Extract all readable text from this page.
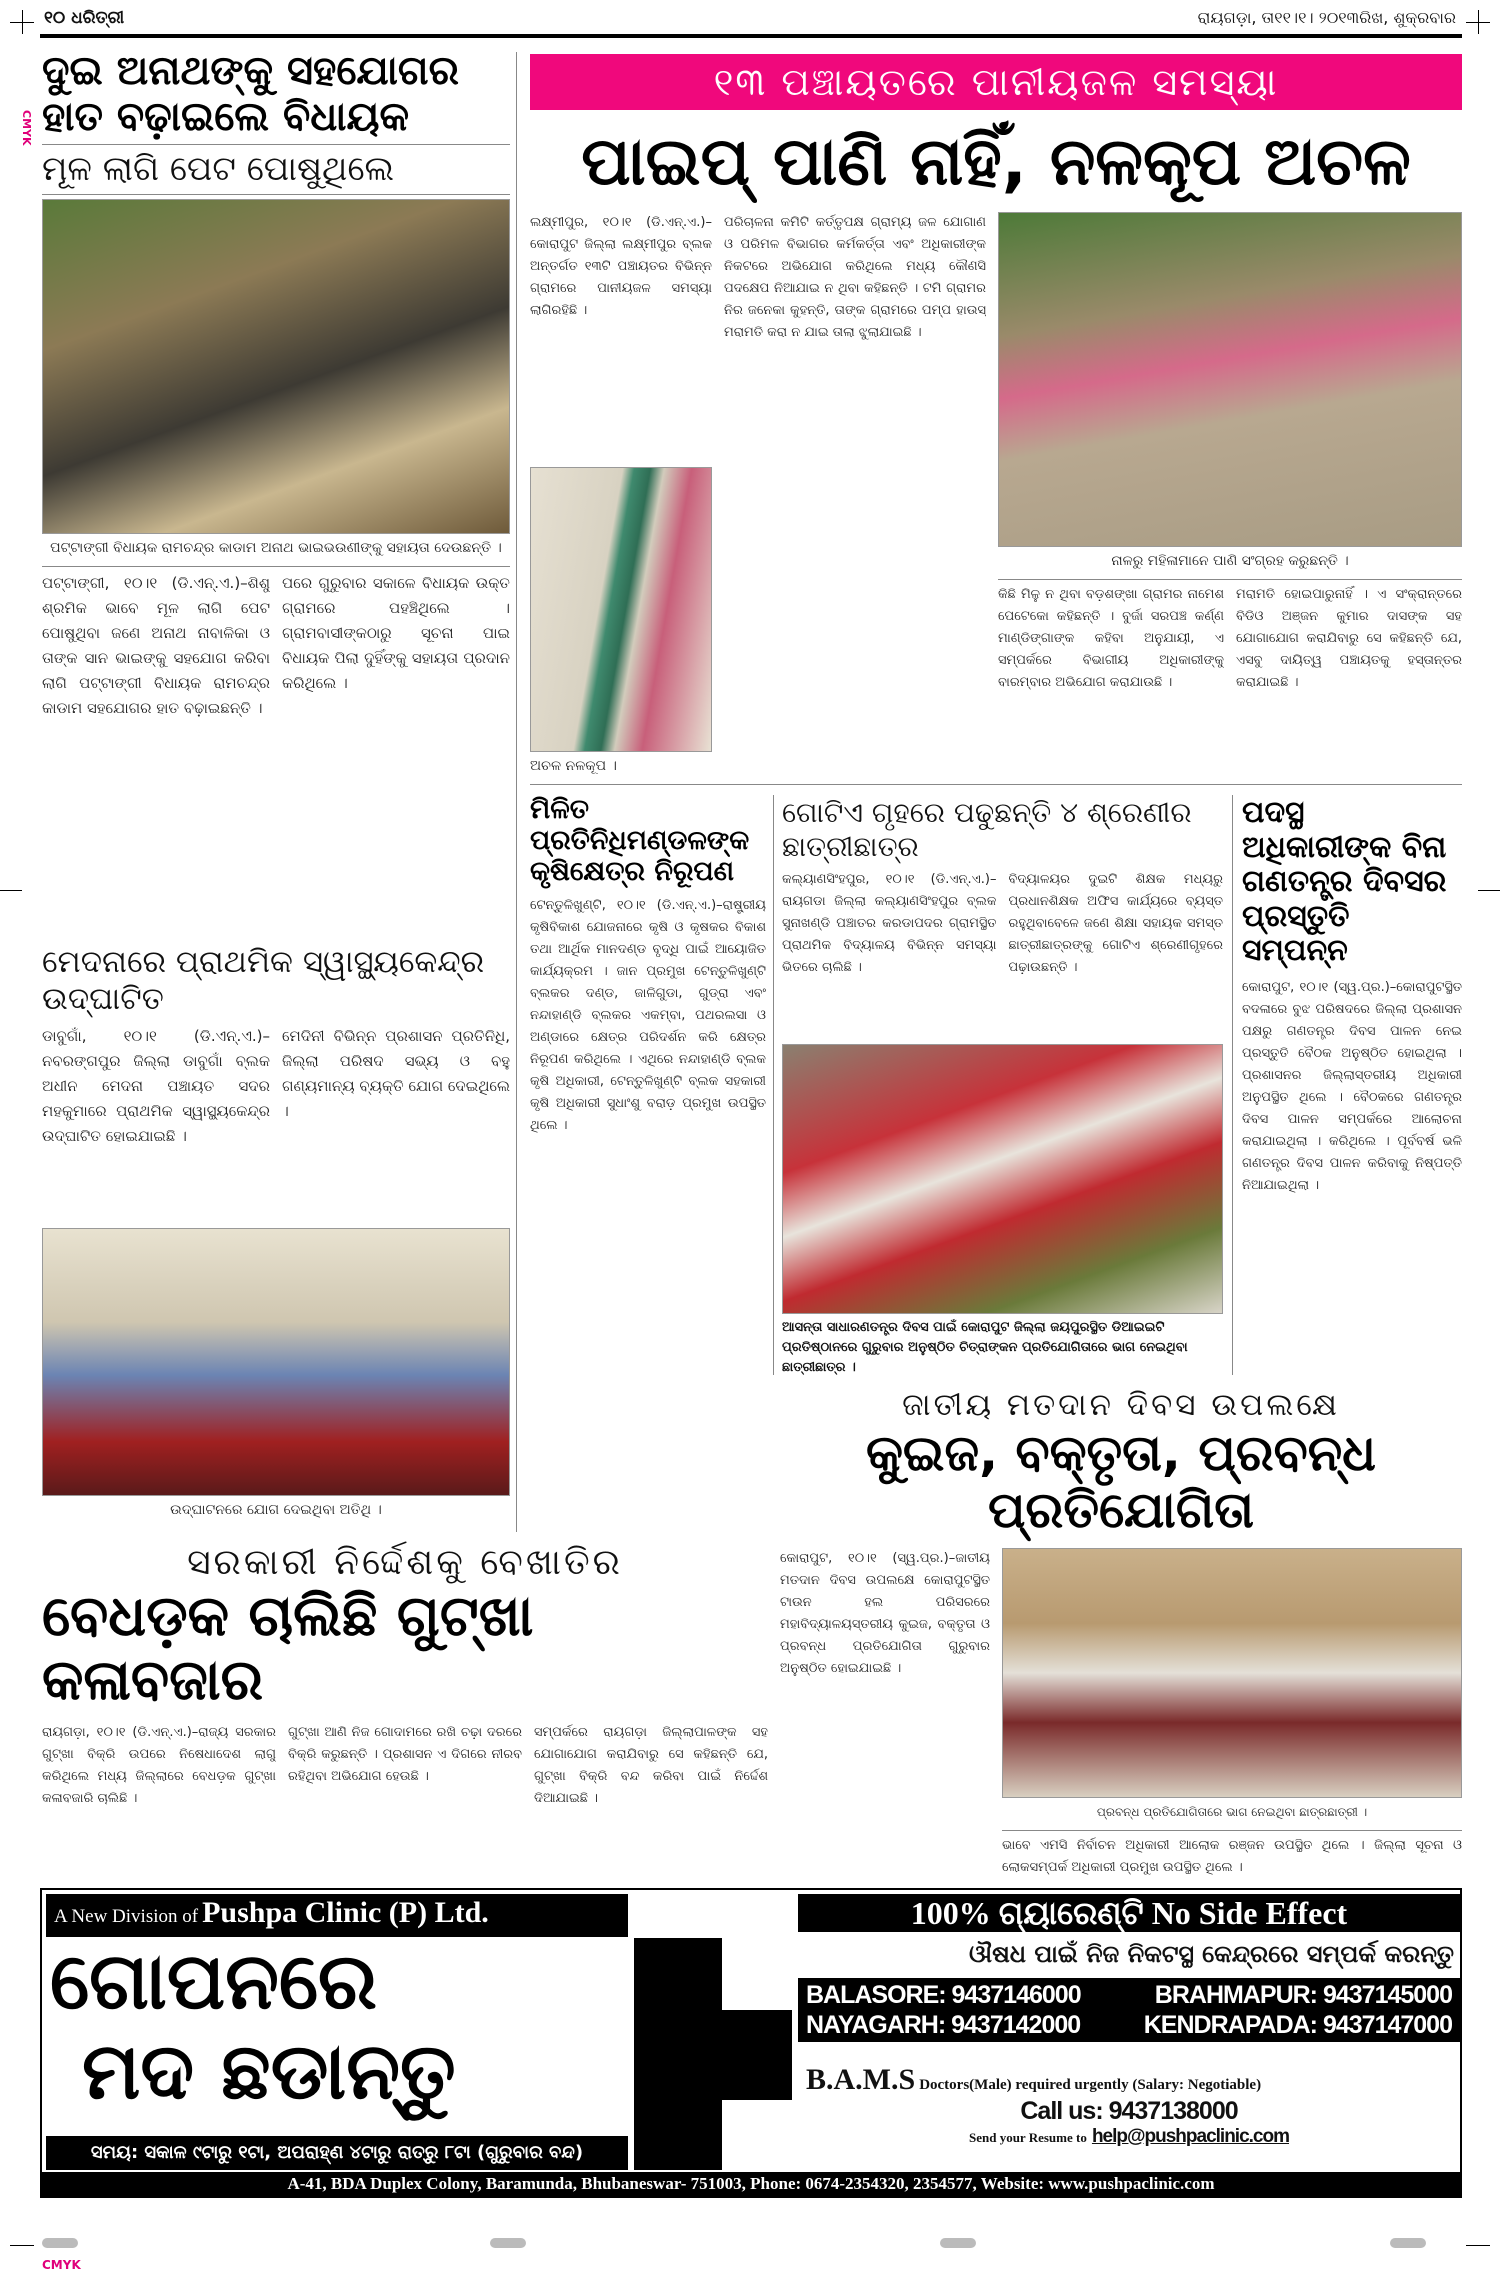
୧୦ ଧରିତ୍ରୀ	ରାୟଗଡ଼ା, ତା୧୧।୧। ୨୦୧୩ରିଖ, ଶୁକ୍ରବାର
CMYK
ଦୁଇ ଅନାଥଙ୍କୁ ସହଯୋଗର ହାତ ବଢ଼ାଇଲେ ବିଧାୟକ
ମୂଳ ଲାଗି ପେଟ ପୋଷୁଥିଲେ
ପଟ୍ଟାଙ୍ଗୀ ବିଧାୟକ ରାମଚନ୍ଦ୍ର କାଡାମ ଅନାଥ ଭାଇଭଉଣୀଙ୍କୁ ସହାୟତା ଦେଉଛନ୍ତି ।
ପଟ୍ଟାଙ୍ଗୀ, ୧୦।୧ (ଡି.ଏନ୍.ଏ.)–ଶିଶୁ ଶ୍ରମିକ ଭାବେ ମୂଳ ଲାଗି ପେଟ ପୋଷୁଥିବା ଜଣେ ଅନାଥ ନାବାଳିକା ଓ ତାଙ୍କ ସାନ ଭାଇଙ୍କୁ ସହଯୋଗ କରିବା ଲାଗି ପଟ୍ଟାଙ୍ଗୀ ବିଧାୟକ ରାମଚନ୍ଦ୍ର କାଡାମ ସହଯୋଗର ହାତ ବଢ଼ାଇଛନ୍ତି ।
ପରେ ଗୁରୁବାର ସକାଳେ ବିଧାୟକ ଉକ୍ତ ଗ୍ରାମରେ ପହଞ୍ଚିଥିଲେ । ଗ୍ରାମବାସୀଙ୍କଠାରୁ ସୂଚନା ପାଇ ବିଧାୟକ ପିଲା ଦୁହିଁଙ୍କୁ ସହାୟତା ପ୍ରଦାନ କରିଥିଲେ ।
ମେଦନାରେ ପ୍ରାଥମିକ ସ୍ୱାସ୍ଥ୍ୟକେନ୍ଦ୍ର ଉଦ୍‌ଘାଟିତ
ଡାବୁଗାଁ, ୧୦।୧ (ଡି.ଏନ୍.ଏ.)–ନବରଙ୍ଗପୁର ଜିଲ୍ଲା ଡାବୁଗାଁ ବ୍ଲକ ଅଧୀନ ମେଦନା ପଞ୍ଚାୟତ ସଦର ମହକୁମାରେ ପ୍ରାଥମିକ ସ୍ୱାସ୍ଥ୍ୟକେନ୍ଦ୍ର ଉଦ୍‌ଘାଟିତ ହୋଇଯାଇଛି ।
ମେଦିନୀ ବିଭିନ୍ନ ପ୍ରଶାସନ ପ୍ରତିନିଧି, ଜିଲ୍ଲା ପରିଷଦ ସଭ୍ୟ ଓ ବହୁ ଗଣ୍ୟମାନ୍ୟ ବ୍ୟକ୍ତି ଯୋଗ ଦେଇଥିଲେ ।
ଉଦ୍‌ଘାଟନରେ ଯୋଗ ଦେଇଥିବା ଅତିଥି ।
୧୩ ପଞ୍ଚାୟତରେ ପାନୀୟଜଳ ସମସ୍ୟା
ପାଇପ୍ ପାଣି ନାହିଁ, ନଳକୂପ ଅଚଳ
ଲକ୍ଷ୍ମୀପୁର, ୧୦।୧ (ଡି.ଏନ୍.ଏ.)–କୋରାପୁଟ ଜିଲ୍ଲା ଲକ୍ଷ୍ମୀପୁର ବ୍ଲକ ଅନ୍ତର୍ଗତ ୧୩ଟି ପଞ୍ଚାୟତର ବିଭିନ୍ନ ଗ୍ରାମରେ ପାନୀୟଜଳ ସମସ୍ୟା ଲାଗିରହିଛି ।
ଅଚଳ ନଳକୂପ ।
ପରିଚାଳନା କମିଟି କର୍ତ୍ତୃପକ୍ଷ ଗ୍ରାମ୍ୟ ଜଳ ଯୋଗାଣ ଓ ପରିମଳ ବିଭାଗର କର୍ମକର୍ତ୍ତା ଏବଂ ଅଧିକାରୀଙ୍କ ନିକଟରେ ଅଭିଯୋଗ କରିଥିଲେ ମଧ୍ୟ କୌଣସି ପଦକ୍ଷେପ ନିଆଯାଇ ନ ଥିବା କହିଛନ୍ତି । ଟମି ଗ୍ରାମର ନିର ଜନେକା କୁହନ୍ତି, ତାଙ୍କ ଗ୍ରାମରେ ପମ୍ପ ହାଉସ୍ ମରାମତି କରା ନ ଯାଇ ତାଲା ଝୁଲାଯାଇଛି ।
ନାଳରୁ ମହିଳାମାନେ ପାଣି ସଂଗ୍ରହ କରୁଛନ୍ତି ।
କିଛି ମିଳୁ ନ ଥିବା ବଡ଼ଶଙ୍ଖା ଗ୍ରାମର ନାମେଶ ପେଟେକୋ କହିଛନ୍ତି । ବୁର୍ଜା ସରପଞ୍ଚ କର୍ଣ୍ଣ ମାଣ୍ଡିଙ୍ଗାଙ୍କ କହିବା ଅନୁଯାୟୀ, ଏ ସମ୍ପର୍କରେ ବିଭାଗୀୟ ଅଧିକାରୀଙ୍କୁ ବାରମ୍ବାର ଅଭିଯୋଗ କରାଯାଉଛି ।
ମରାମତି ହୋଇପାରୁନାହିଁ । ଏ ସଂକ୍ରାନ୍ତରେ ବିଡିଓ ଅଞ୍ଜନ କୁମାର ଦାସଙ୍କ ସହ ଯୋଗାଯୋଗ କରାଯିବାରୁ ସେ କହିଛନ୍ତି ଯେ, ଏସବୁ ଦାୟିତ୍ୱ ପଞ୍ଚାୟତକୁ ହସ୍ତାନ୍ତର କରାଯାଇଛି ।
ମିଳିତ ପ୍ରତିନିଧିମଣ୍ଡଳଙ୍କ କୃଷିକ୍ଷେତ୍ର ନିରୂପଣ
ଟେନ୍ତୁଳିଖୁଣ୍ଟି, ୧୦।୧ (ଡି.ଏନ୍.ଏ.)–ରାଷ୍ଟ୍ରୀୟ କୃଷିବିକାଶ ଯୋଜନାରେ କୃଷି ଓ କୃଷକର ବିକାଶ ତଥା ଆର୍ଥିକ ମାନଦଣ୍ଡ ବୃଦ୍ଧି ପାଇଁ ଆୟୋଜିତ କାର୍ଯ୍ୟକ୍ରମ । ଜାନ ପ୍ରମୁଖ ଟେନ୍ତୁଳିଖୁଣ୍ଟି ବ୍ଲକର ଦଣ୍ଡ, ଜାଳିଗୁଡା, ଗୁଡ୍ରା ଏବଂ ନନ୍ଦାହାଣ୍ଡି ବ୍ଲକର ଏକମ୍ବା, ପଥରଲସା ଓ ଅଣ୍ଡାରେ କ୍ଷେତ୍ର ପରିଦର୍ଶନ କରି କ୍ଷେତ୍ର ନିରୂପଣ କରିଥିଲେ । ଏଥିରେ ନନ୍ଦାହାଣ୍ଡି ବ୍ଲକ କୃଷି ଅଧିକାରୀ, ଟେନ୍ତୁଳିଖୁଣ୍ଟି ବ୍ଲକ ସହକାରୀ କୃଷି ଅଧିକାରୀ ସୁଧାଂଶୁ ବରାଡ଼ ପ୍ରମୁଖ ଉପସ୍ଥିତ ଥିଲେ ।
ଗୋଟିଏ ଗୃହରେ ପଢୁଛନ୍ତି ୪ ଶ୍ରେଣୀର ଛାତ୍ରୀଛାତ୍ର
କଲ୍ୟାଣସିଂହପୁର, ୧୦।୧ (ଡି.ଏନ୍.ଏ.)–ରାୟଗଡା ଜିଲ୍ଲା କଲ୍ୟାଣସିଂହପୁର ବ୍ଲକ ସୁନାଖଣ୍ଡି ପଞ୍ଚାତର କରଡାପଦର ଗ୍ରାମସ୍ଥିତ ପ୍ରାଥମିକ ବିଦ୍ୟାଳୟ ବିଭିନ୍ନ ସମସ୍ୟା ଭିତରେ ଚାଲିଛି ।
ବିଦ୍ୟାଳୟର ଦୁଇଟି ଶିକ୍ଷକ ମଧ୍ୟରୁ ପ୍ରଧାନଶିକ୍ଷକ ଅଫିସ କାର୍ଯ୍ୟରେ ବ୍ୟସ୍ତ ରହୁଥିବାବେଳେ ଜଣେ ଶିକ୍ଷା ସହାୟକ ସମସ୍ତ ଛାତ୍ରୀଛାତ୍ରଙ୍କୁ ଗୋଟିଏ ଶ୍ରେଣୀଗୃହରେ ପଢ଼ାଉଛନ୍ତି ।
ଆସନ୍ତା ସାଧାରଣତନ୍ତ୍ର ଦିବସ ପାଇଁ କୋରାପୁଟ ଜିଲ୍ଲା ଜୟପୁରସ୍ଥିତ ଡିଆଇଇଟି ପ୍ରତିଷ୍ଠାନରେ ଗୁରୁବାର ଅନୁଷ୍ଠିତ ଚିତ୍ରାଙ୍କନ ପ୍ରତିଯୋଗିତାରେ ଭାଗ ନେଇଥିବା ଛାତ୍ରୀଛାତ୍ର ।
ପଦସ୍ଥ ଅଧିକାରୀଙ୍କ ବିନା ଗଣତନ୍ତ୍ର ଦିବସର ପ୍ରସ୍ତୁତି ସମ୍ପନ୍ନ
କୋରାପୁଟ, ୧୦।୧ (ସ୍ୱ.ପ୍ର.)–କୋରାପୁଟସ୍ଥିତ ବଦଳାରେ ବୁଝ ପରିଷଦରେ ଜିଲ୍ଲା ପ୍ରଶାସନ ପକ୍ଷରୁ ଗଣତନ୍ତ୍ର ଦିବସ ପାଳନ ନେଇ ପ୍ରସ୍ତୁତି ବୈଠକ ଅନୁଷ୍ଠିତ ହୋଇଥିଲା । ପ୍ରଶାସନର ଜିଲ୍ଲାସ୍ତରୀୟ ଅଧିକାରୀ ଅନୁପସ୍ଥିତ ଥିଲେ । ବୈଠକରେ ଗଣତନ୍ତ୍ର ଦିବସ ପାଳନ ସମ୍ପର୍କରେ ଆଲୋଚନା କରାଯାଇଥିଲା । କରିଥିଲେ । ପୂର୍ବବର୍ଷ ଭଳି ଗଣତନ୍ତ୍ର ଦିବସ ପାଳନ କରିବାକୁ ନିଷ୍ପତ୍ତି ନିଆଯାଇଥିଲା ।
ଜାତୀୟ ମତଦାନ ଦିବସ ଉପଲକ୍ଷେ
କୁଇଜ, ବକ୍ତୃତା, ପ୍ରବନ୍ଧ ପ୍ରତିଯୋଗିତା
କୋରାପୁଟ, ୧୦।୧ (ସ୍ୱ.ପ୍ର.)–ଜାତୀୟ ମତଦାନ ଦିବସ ଉପଲକ୍ଷେ କୋରାପୁଟସ୍ଥିତ ଟାଉନ ହଲ ପରିସରରେ ମହାବିଦ୍ୟାଳୟସ୍ତରୀୟ କୁଇଜ, ବକ୍ତୃତା ଓ ପ୍ରବନ୍ଧ ପ୍ରତିଯୋଗିତା ଗୁରୁବାର ଅନୁଷ୍ଠିତ ହୋଇଯାଇଛି ।
ପ୍ରବନ୍ଧ ପ୍ରତିଯୋଗିତାରେ ଭାଗ ନେଇଥିବା ଛାତ୍ରଛାତ୍ରୀ ।
ଭାବେ ଏମସି ନିର୍ବାଚନ ଅଧିକାରୀ ଆଲୋକ ରଞ୍ଜନ ଉପସ୍ଥିତ ଥିଲେ । ଜିଲ୍ଲା ସୂଚନା ଓ ଲୋକସମ୍ପର୍କ ଅଧିକାରୀ ପ୍ରମୁଖ ଉପସ୍ଥିତ ଥିଲେ ।
ସରକାରୀ ନିର୍ଦ୍ଦେଶକୁ ବେଖାତିର
ବେଧଡ଼କ ଚାଲିଛି ଗୁଟ୍‌ଖା କଳାବଜାର
ରାୟଗଡ଼ା, ୧୦।୧ (ଡି.ଏନ୍.ଏ.)–ରାଜ୍ୟ ସରକାର ଗୁଟ୍‌ଖା ବିକ୍ରି ଉପରେ ନିଷେଧାଦେଶ ଲାଗୁ କରିଥିଲେ ମଧ୍ୟ ଜିଲ୍ଲାରେ ବେଧଡ଼କ ଗୁଟ୍‌ଖା କଳାବଜାରି ଚାଲିଛି ।
ଗୁଟ୍‌ଖା ଆଣି ନିଜ ଗୋଦାମରେ ରଖି ଚଢ଼ା ଦରରେ ବିକ୍ରି କରୁଛନ୍ତି । ପ୍ରଶାସନ ଏ ଦିଗରେ ନୀରବ ରହିଥିବା ଅଭିଯୋଗ ହେଉଛି ।
ସମ୍ପର୍କରେ ରାୟଗଡ଼ା ଜିଲ୍ଲାପାଳଙ୍କ ସହ ଯୋଗାଯୋଗ କରାଯିବାରୁ ସେ କହିଛନ୍ତି ଯେ, ଗୁଟ୍‌ଖା ବିକ୍ରି ବନ୍ଦ କରିବା ପାଇଁ ନିର୍ଦ୍ଦେଶ ଦିଆଯାଇଛି ।
A New Division of Pushpa Clinic (P) Ltd.
ଗୋପନରେ
ମଦ ଛଡାନ୍ତୁ
ସମୟ: ସକାଳ ୯ଟାରୁ ୧ଟା, ଅପରାହ୍ଣ ୪ଟାରୁ ରାତ୍ରୁ ୮ଟା (ଗୁରୁବାର ବନ୍ଦ)
100% ଗ୍ୟାରେଣ୍ଟି No Side Effect
ଔଷଧ ପାଇଁ ନିଜ ନିକଟସ୍ଥ କେନ୍ଦ୍ରରେ ସମ୍ପର୍କ କରନ୍ତୁ
BALASORE: 9437146000	BRAHMAPUR: 9437145000
NAYAGARH: 9437142000	KENDRAPADA: 9437147000
B.A.M.S Doctors(Male) required urgently (Salary: Negotiable)
Call us: 9437138000
Send your Resume to help@pushpaclinic.com
A-41, BDA Duplex Colony, Baramunda, Bhubaneswar- 751003, Phone: 0674-2354320, 2354577, Website: www.pushpaclinic.com
CMYK
